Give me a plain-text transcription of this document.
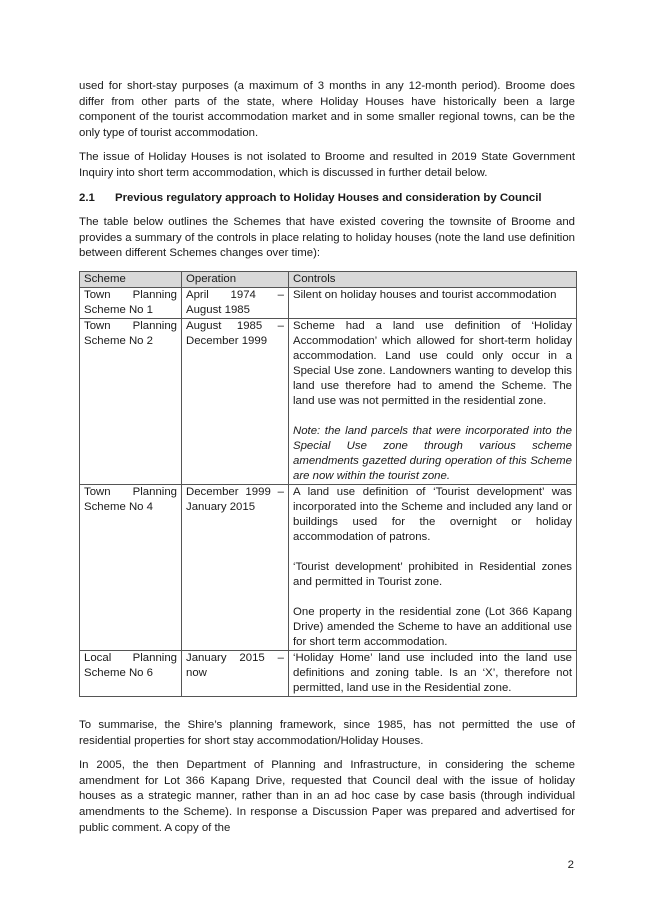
used for short-stay purposes (a maximum of 3 months in any 12-month period). Broome does differ from other parts of the state, where Holiday Houses have historically been a large component of the tourist accommodation market and in some smaller regional towns, can be the only type of tourist accommodation.

The issue of Holiday Houses is not isolated to Broome and resulted in 2019 State Government Inquiry into short term accommodation, which is discussed in further detail below.

2.1 Previous regulatory approach to Holiday Houses and consideration by Council

The table below outlines the Schemes that have existed covering the townsite of Broome and provides a summary of the controls in place relating to holiday houses (note the land use definition between different Schemes changes over time):

Scheme	Operation	Controls
Town Planning Scheme No 1	April 1974 – August 1985	Silent on holiday houses and tourist accommodation

Town Planning Scheme No 2	August 1985 – December 1999	Scheme had a land use definition of ‘Holiday Accommodation’ which allowed for short-term holiday accommodation. Land use could only occur in a Special Use zone. Landowners wanting to develop this land use therefore had to amend the Scheme. The land use was not permitted in the residential zone.
Note: the land parcels that were incorporated into the Special Use zone through various scheme amendments gazetted during operation of this Scheme are now within the tourist zone.

Town Planning Scheme No 4	December 1999 – January 2015	A land use definition of ‘Tourist development’ was incorporated into the Scheme and included any land or buildings used for the overnight or holiday accommodation of patrons.
‘Tourist development’ prohibited in Residential zones and permitted in Tourist zone.
One property in the residential zone (Lot 366 Kapang Drive) amended the Scheme to have an additional use for short term accommodation.

Local Planning Scheme No 6	January 2015 – now	‘Holiday Home’ land use included into the land use definitions and zoning table. Is an ‘X’, therefore not permitted, land use in the Residential zone.

To summarise, the Shire’s planning framework, since 1985, has not permitted the use of residential properties for short stay accommodation/Holiday Houses.

In 2005, the then Department of Planning and Infrastructure, in considering the scheme amendment for Lot 366 Kapang Drive, requested that Council deal with the issue of holiday houses as a strategic manner, rather than in an ad hoc case by case basis (through individual amendments to the Scheme). In response a Discussion Paper was prepared and advertised for public comment. A copy of the

2
